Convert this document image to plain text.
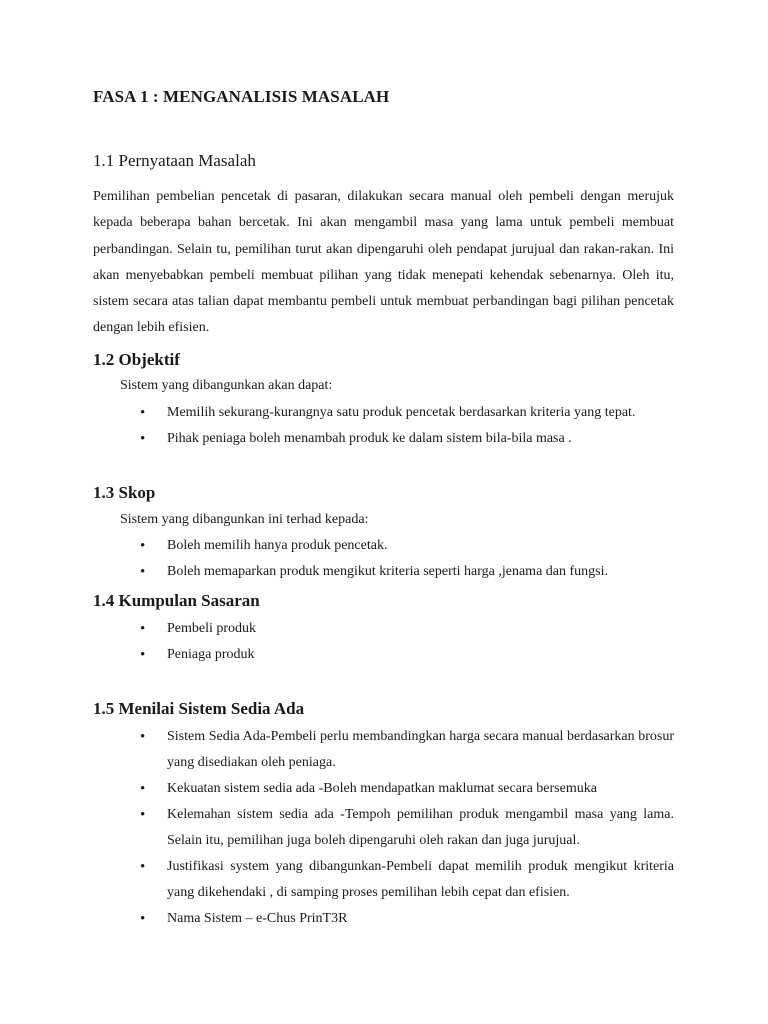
FASA 1 : MENGANALISIS MASALAH
1.1 Pernyataan Masalah

Pemilihan pembelian pencetak di pasaran, dilakukan secara manual oleh pembeli dengan merujuk kepada beberapa bahan bercetak. Ini akan mengambil masa yang lama untuk pembeli membuat perbandingan. Selain tu, pemilihan turut akan dipengaruhi oleh pendapat jurujual dan rakan-rakan. Ini akan menyebabkan pembeli membuat pilihan yang tidak menepati kehendak sebenarnya. Oleh itu, sistem secara atas talian dapat membantu pembeli untuk membuat perbandingan bagi pilihan pencetak dengan lebih efisien.

1.2 Objektif

Sistem yang dibangunkan akan dapat:

• Memilih sekurang-kurangnya satu produk pencetak berdasarkan kriteria yang tepat.
• Pihak peniaga boleh menambah produk ke dalam sistem bila-bila masa .
1.3 Skop

Sistem yang dibangunkan ini terhad kepada:

• Boleh memilih hanya produk pencetak.
• Boleh memaparkan produk mengikut kriteria seperti harga ,jenama dan fungsi.
1.4 Kumpulan Sasaran
• Pembeli produk
• Peniaga produk
1.5 Menilai Sistem Sedia Ada
• Sistem Sedia Ada-Pembeli perlu membandingkan harga secara manual berdasarkan brosur yang disediakan oleh peniaga.
• Kekuatan sistem sedia ada -Boleh mendapatkan maklumat secara bersemuka
• Kelemahan sistem sedia ada -Tempoh pemilihan produk mengambil masa yang lama. Selain itu, pemilihan juga boleh dipengaruhi oleh rakan dan juga jurujual.
• Justifikasi system yang dibangunkan-Pembeli dapat memilih produk mengikut kriteria yang dikehendaki , di samping proses pemilihan lebih cepat dan efisien.
• Nama Sistem – e-Chus PrinT3R
